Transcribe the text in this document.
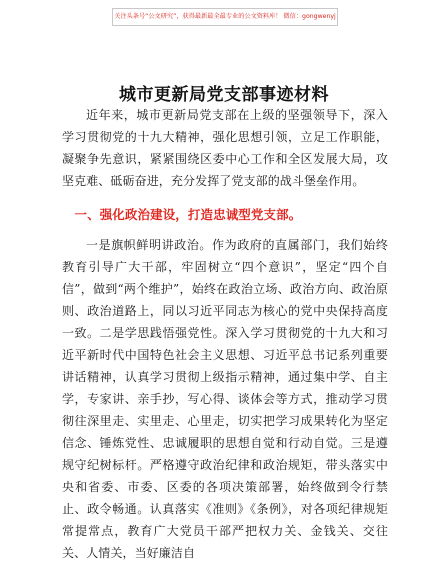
关注头条号“公文研究”，获得最新最全最专业的公文资料库！ 微信：gongwenyj
城市更新局党支部事迹材料

近年来，城市更新局党支部在上级的坚强领导下，深入学习贯彻党的十九大精神，强化思想引领，立足工作职能，凝聚争先意识，紧紧围绕区委中心工作和全区发展大局，攻坚克难、砥砺奋进，充分发挥了党支部的战斗堡垒作用。

一、强化政治建设，打造忠诚型党支部。

一是旗帜鲜明讲政治。作为政府的直属部门，我们始终教育引导广大干部，牢固树立“四个意识”，坚定“四个自信”，做到“两个维护”，始终在政治立场、政治方向、政治原则、政治道路上，同以习近平同志为核心的党中央保持高度一致。二是学思践悟强党性。深入学习贯彻党的十九大和习近平新时代中国特色社会主义思想、习近平总书记系列重要讲话精神，认真学习贯彻上级指示精神，通过集中学、自主学，专家讲、亲手抄，写心得、谈体会等方式，推动学习贯彻往深里走、实里走、心里走，切实把学习成果转化为坚定信念、锤炼党性、忠诚履职的思想自觉和行动自觉。三是遵规守纪树标杆。严格遵守政治纪律和政治规矩，带头落实中央和省委、市委、区委的各项决策部署，始终做到令行禁止、政令畅通。认真落实《准则》《条例》，对各项纪律规矩常提常点，教育广大党员干部严把权力关、金钱关、交往关、人情关，当好廉洁自
